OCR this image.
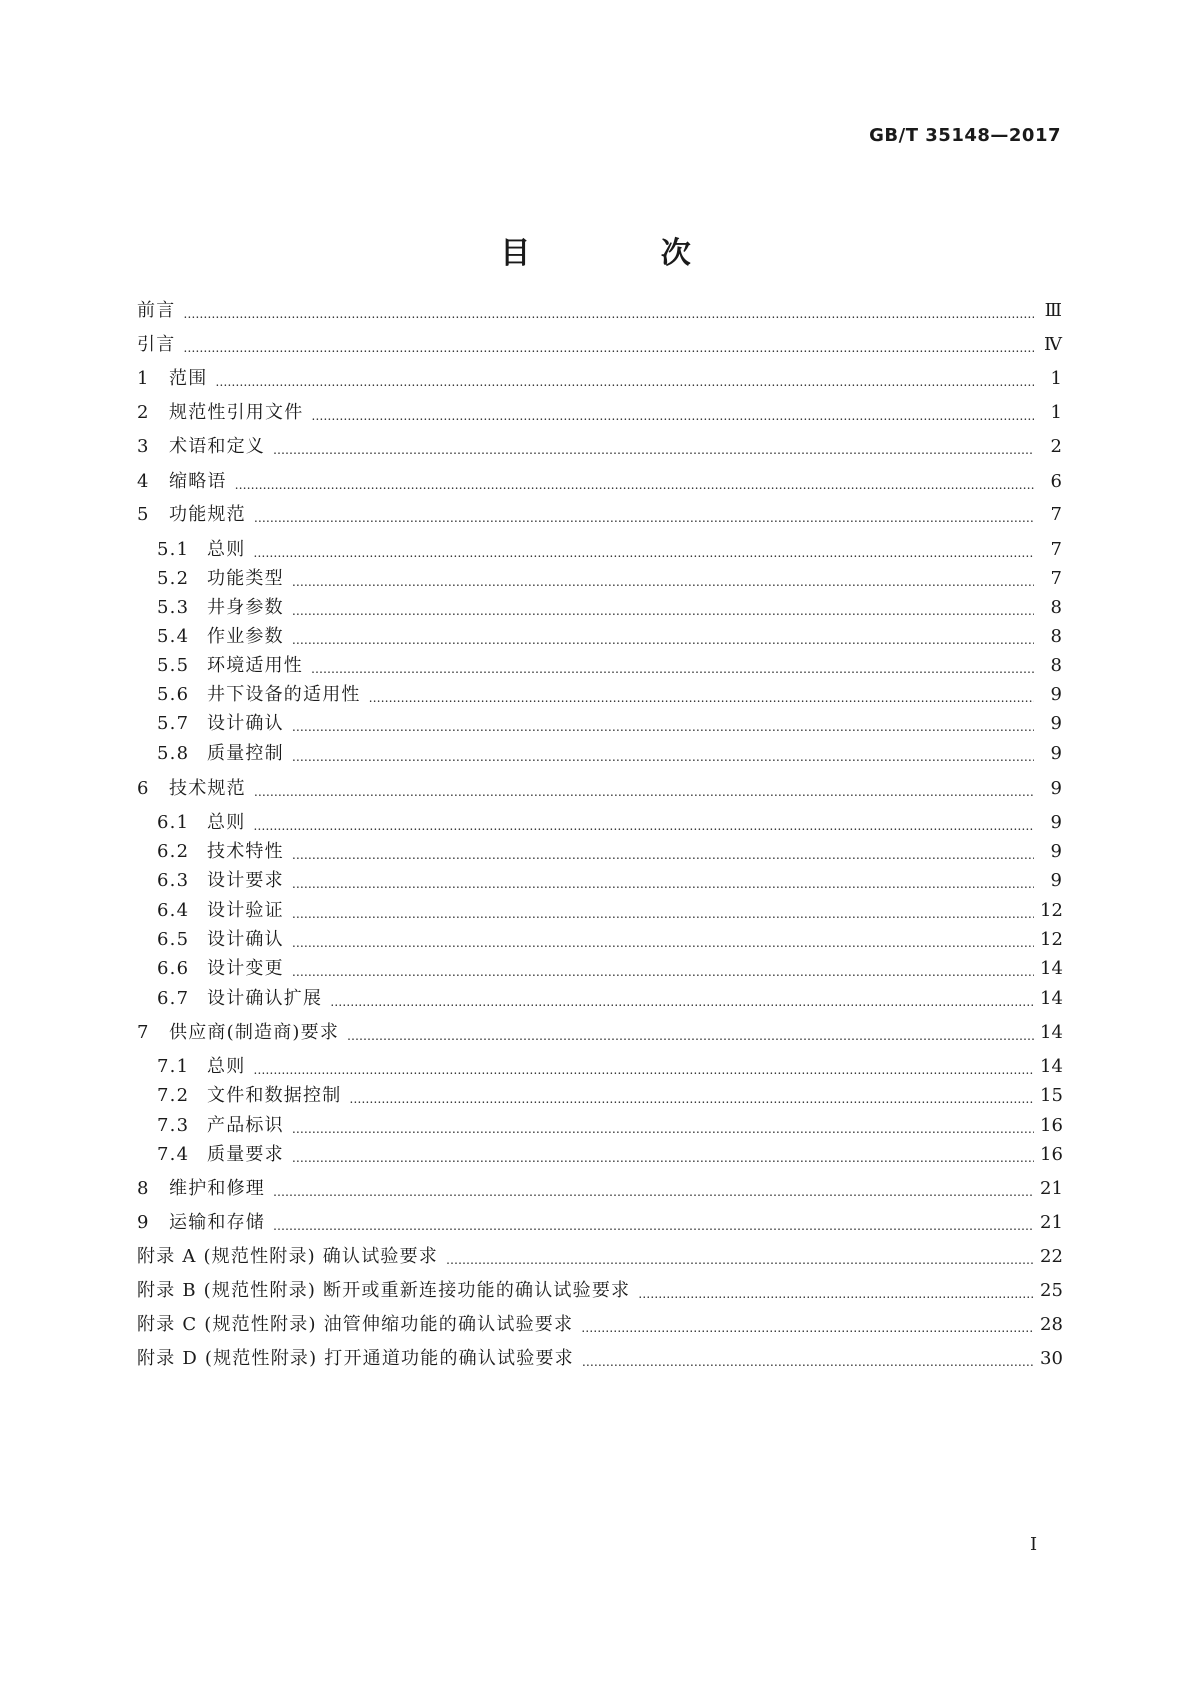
GB/T 35148—2017
目 次
前言 …………………………………………………………………………………………………………………………………………………………………………………………………………………………………………	Ⅲ
引言 …………………………………………………………………………………………………………………………………………………………………………………………………………………………………………	Ⅳ
1	范围 …………………………………………………………………………………………………………………………………………………………………………………………………………………………………………	1
2	规范性引用文件 …………………………………………………………………………………………………………………………………………………………………………………………………………………………………………	1
3	术语和定义 …………………………………………………………………………………………………………………………………………………………………………………………………………………………………………	2
4	缩略语 …………………………………………………………………………………………………………………………………………………………………………………………………………………………………………	6
5	功能规范 …………………………………………………………………………………………………………………………………………………………………………………………………………………………………………	7
5.1 总则 …………………………………………………………………………………………………………………………………………………………………………………………………………………………………………	7
5.2 功能类型 …………………………………………………………………………………………………………………………………………………………………………………………………………………………………………	7
5.3 井身参数 …………………………………………………………………………………………………………………………………………………………………………………………………………………………………………	8
5.4 作业参数 …………………………………………………………………………………………………………………………………………………………………………………………………………………………………………	8
5.5 环境适用性 …………………………………………………………………………………………………………………………………………………………………………………………………………………………………………	8
5.6 井下设备的适用性 …………………………………………………………………………………………………………………………………………………………………………………………………………………………………………	9
5.7 设计确认 …………………………………………………………………………………………………………………………………………………………………………………………………………………………………………	9
5.8 质量控制 …………………………………………………………………………………………………………………………………………………………………………………………………………………………………………	9
6	技术规范 …………………………………………………………………………………………………………………………………………………………………………………………………………………………………………	9
6.1 总则 …………………………………………………………………………………………………………………………………………………………………………………………………………………………………………	9
6.2 技术特性 …………………………………………………………………………………………………………………………………………………………………………………………………………………………………………	9
6.3 设计要求 …………………………………………………………………………………………………………………………………………………………………………………………………………………………………………	9
6.4 设计验证 …………………………………………………………………………………………………………………………………………………………………………………………………………………………………………	12
6.5 设计确认 …………………………………………………………………………………………………………………………………………………………………………………………………………………………………………	12
6.6 设计变更 …………………………………………………………………………………………………………………………………………………………………………………………………………………………………………	14
6.7 设计确认扩展 …………………………………………………………………………………………………………………………………………………………………………………………………………………………………………	14
7	供应商(制造商)要求 …………………………………………………………………………………………………………………………………………………………………………………………………………………………………………	14
7.1 总则 …………………………………………………………………………………………………………………………………………………………………………………………………………………………………………	14
7.2 文件和数据控制 …………………………………………………………………………………………………………………………………………………………………………………………………………………………………………	15
7.3 产品标识 …………………………………………………………………………………………………………………………………………………………………………………………………………………………………………	16
7.4 质量要求 …………………………………………………………………………………………………………………………………………………………………………………………………………………………………………	16
8	维护和修理 …………………………………………………………………………………………………………………………………………………………………………………………………………………………………………	21
9	运输和存储 …………………………………………………………………………………………………………………………………………………………………………………………………………………………………………	21
附录 A (规范性附录) 确认试验要求 …………………………………………………………………………………………………………………………………………………………………………………………………………………………………………	22
附录 B (规范性附录) 断开或重新连接功能的确认试验要求 …………………………………………………………………………………………………………………………………………………………………………………………………………………………………………	25
附录 C (规范性附录) 油管伸缩功能的确认试验要求 …………………………………………………………………………………………………………………………………………………………………………………………………………………………………………	28
附录 D (规范性附录) 打开通道功能的确认试验要求 …………………………………………………………………………………………………………………………………………………………………………………………………………………………………………	30
I
